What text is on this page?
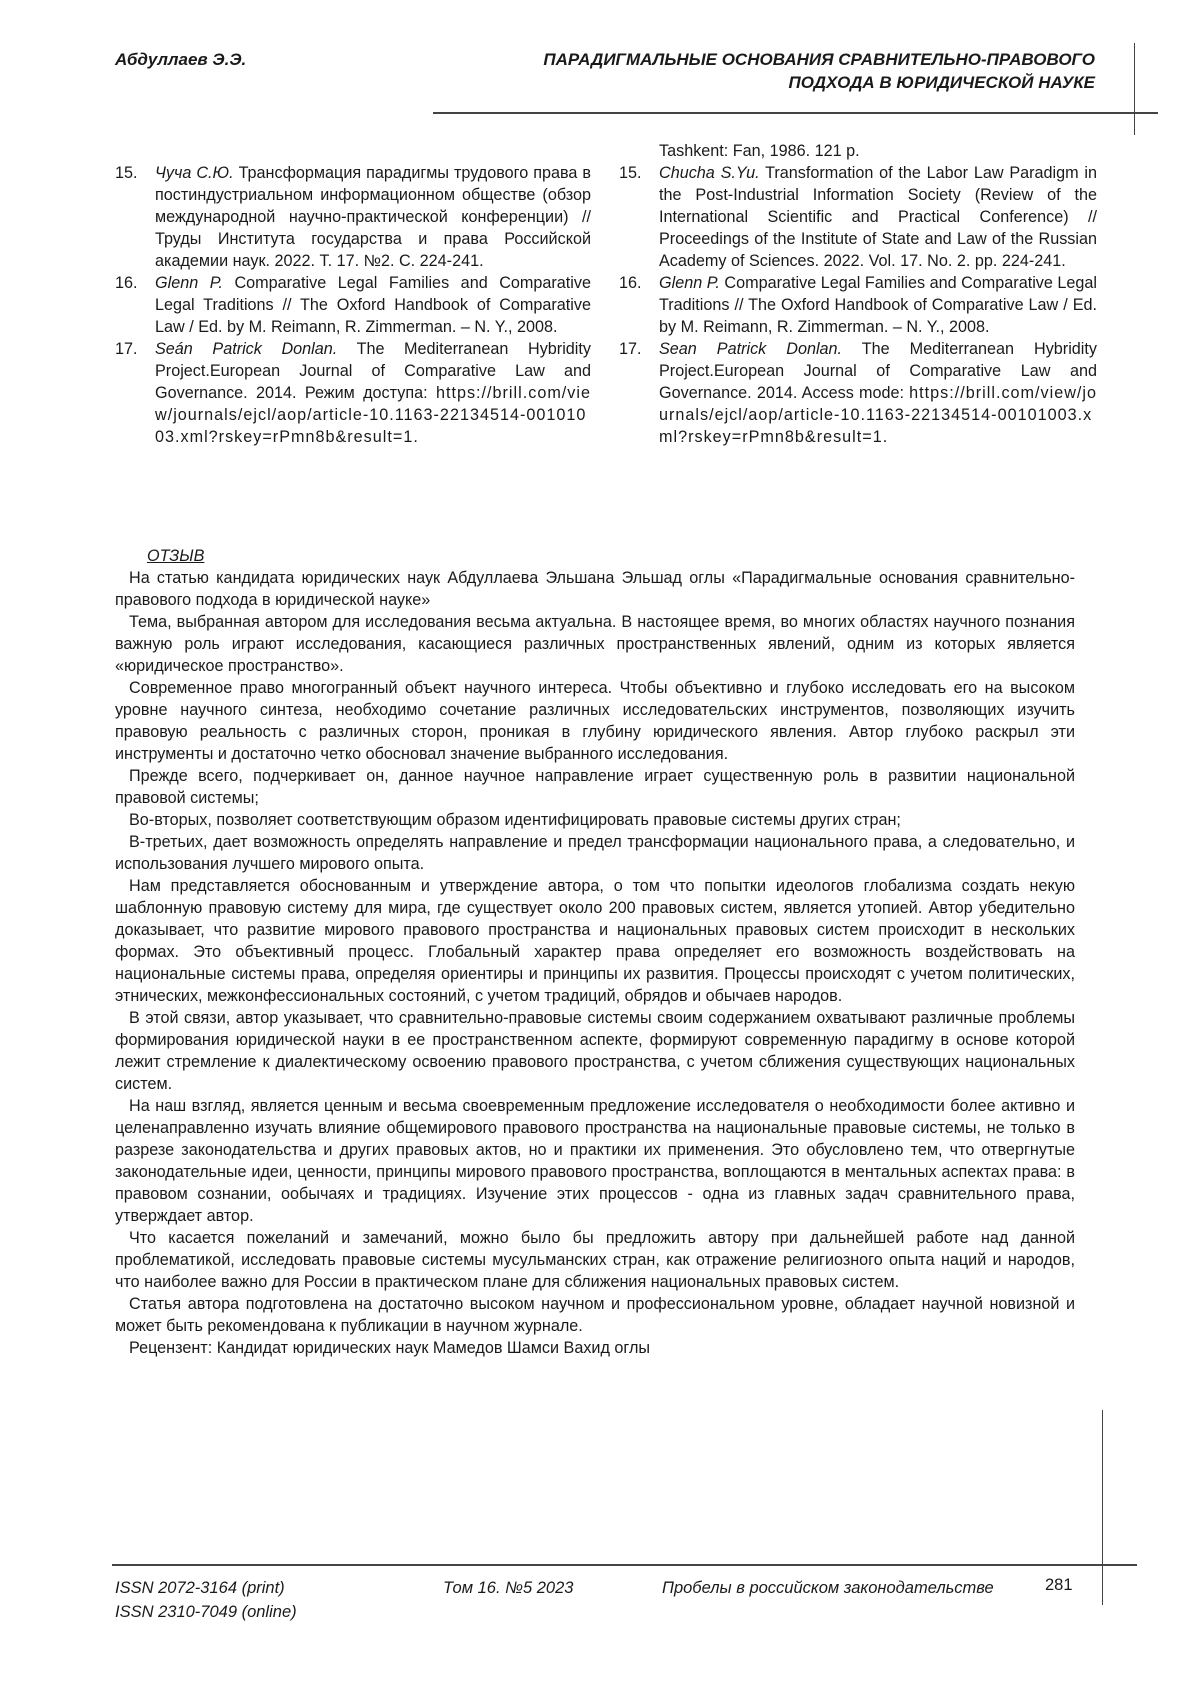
Абдуллаев Э.Э.	ПАРАДИГМАЛЬНЫЕ ОСНОВАНИЯ СРАВНИТЕЛЬНО-ПРАВОВОГО
ПОДХОДА В ЮРИДИЧЕСКОЙ НАУКЕ
15. Чуча С.Ю. Трансформация парадигмы трудового права в постиндустриальном информационном обществе (обзор международной научно-практической конференции) // Труды Института государства и права Российской академии наук. 2022. Т. 17. №2. С. 224-241.
16. Glenn P. Comparative Legal Families and Comparative Legal Traditions // The Oxford Handbook of Comparative Law / Ed. by M. Reimann, R. Zimmerman. – N. Y., 2008.
17. Seán Patrick Donlan. The Mediterranean Hybridity Project.European Journal of Comparative Law and Governance. 2014. Режим доступа: https://brill.com/view/journals/ejcl/aop/article-10.1163-22134514-00101003.xml?rskey=rPmn8b&result=1.
Tashkent: Fan, 1986. 121 p.
15. Chucha S.Yu. Transformation of the Labor Law Paradigm in the Post-Industrial Information Society (Review of the International Scientific and Practical Conference) // Proceedings of the Institute of State and Law of the Russian Academy of Sciences. 2022. Vol. 17. No. 2. pp. 224-241.
16. Glenn P. Comparative Legal Families and Comparative Legal Traditions // The Oxford Handbook of Comparative Law / Ed. by M. Reimann, R. Zimmerman. – N. Y., 2008.
17. Sean Patrick Donlan. The Mediterranean Hybridity Project.European Journal of Comparative Law and Governance. 2014. Access mode: https://brill.com/view/journals/ejcl/aop/article-10.1163-22134514-00101003.xml?rskey=rPmn8b&result=1.
ОТЗЫВ

На статью кандидата юридических наук Абдуллаева Эльшана Эльшад оглы «Парадигмальные основания сравнительно-правового подхода в юридической науке»

Тема, выбранная автором для исследования весьма актуальна. В настоящее время, во многих областях научного познания важную роль играют исследования, касающиеся различных пространственных явлений, одним из которых является «юридическое пространство».

Современное право многогранный объект научного интереса. Чтобы объективно и глубоко исследовать его на высоком уровне научного синтеза, необходимо сочетание различных исследовательских инструментов, позволяющих изучить правовую реальность с различных сторон, проникая в глубину юридического явления. Автор глубоко раскрыл эти инструменты и достаточно четко обосновал значение выбранного исследования.

Прежде всего, подчеркивает он, данное научное направление играет существенную роль в развитии национальной правовой системы;

Во-вторых, позволяет соответствующим образом идентифицировать правовые системы других стран;

В-третьих, дает возможность определять направление и предел трансформации национального права, а следовательно, и использования лучшего мирового опыта.

Нам представляется обоснованным и утверждение автора, о том что попытки идеологов глобализма создать некую шаблонную правовую систему для мира, где существует около 200 правовых систем, является утопией. Автор убедительно доказывает, что развитие мирового правового пространства и национальных правовых систем происходит в нескольких формах. Это объективный процесс. Глобальный характер права определяет его возможность воздействовать на национальные системы права, определяя ориентиры и принципы их развития. Процессы происходят с учетом политических, этнических, межконфессиональных состояний, с учетом традиций, обрядов и обычаев народов.

В этой связи, автор указывает, что сравнительно-правовые системы своим содержанием охватывают различные проблемы формирования юридической науки в ее пространственном аспекте, формируют современную парадигму в основе которой лежит стремление к диалектическому освоению правового пространства, с учетом сближения существующих национальных систем.

На наш взгляд, является ценным и весьма своевременным предложение исследователя о необходимости более активно и целенаправленно изучать влияние общемирового правового пространства на национальные правовые системы, не только в разрезе законодательства и других правовых актов, но и практики их применения. Это обусловлено тем, что отвергнутые законодательные идеи, ценности, принципы мирового правового пространства, воплощаются в ментальных аспектах права: в правовом сознании, ообычаях и традициях. Изучение этих процессов - одна из главных задач сравнительного права, утверждает автор.

Что касается пожеланий и замечаний, можно было бы предложить автору при дальнейшей работе над данной проблематикой, исследовать правовые системы мусульманских стран, как отражение религиозного опыта наций и народов, что наиболее важно для России в практическом плане для сближения национальных правовых систем.

Статья автора подготовлена на достаточно высоком научном и профессиональном уровне, обладает научной новизной и может быть рекомендована к публикации в научном журнале.

Рецензент: Кандидат юридических наук Мамедов Шамси Вахид оглы

ISSN 2072-3164 (print)
ISSN 2310-7049 (online)
Том 16. №5 2023	Пробелы в российском законодательстве	281
